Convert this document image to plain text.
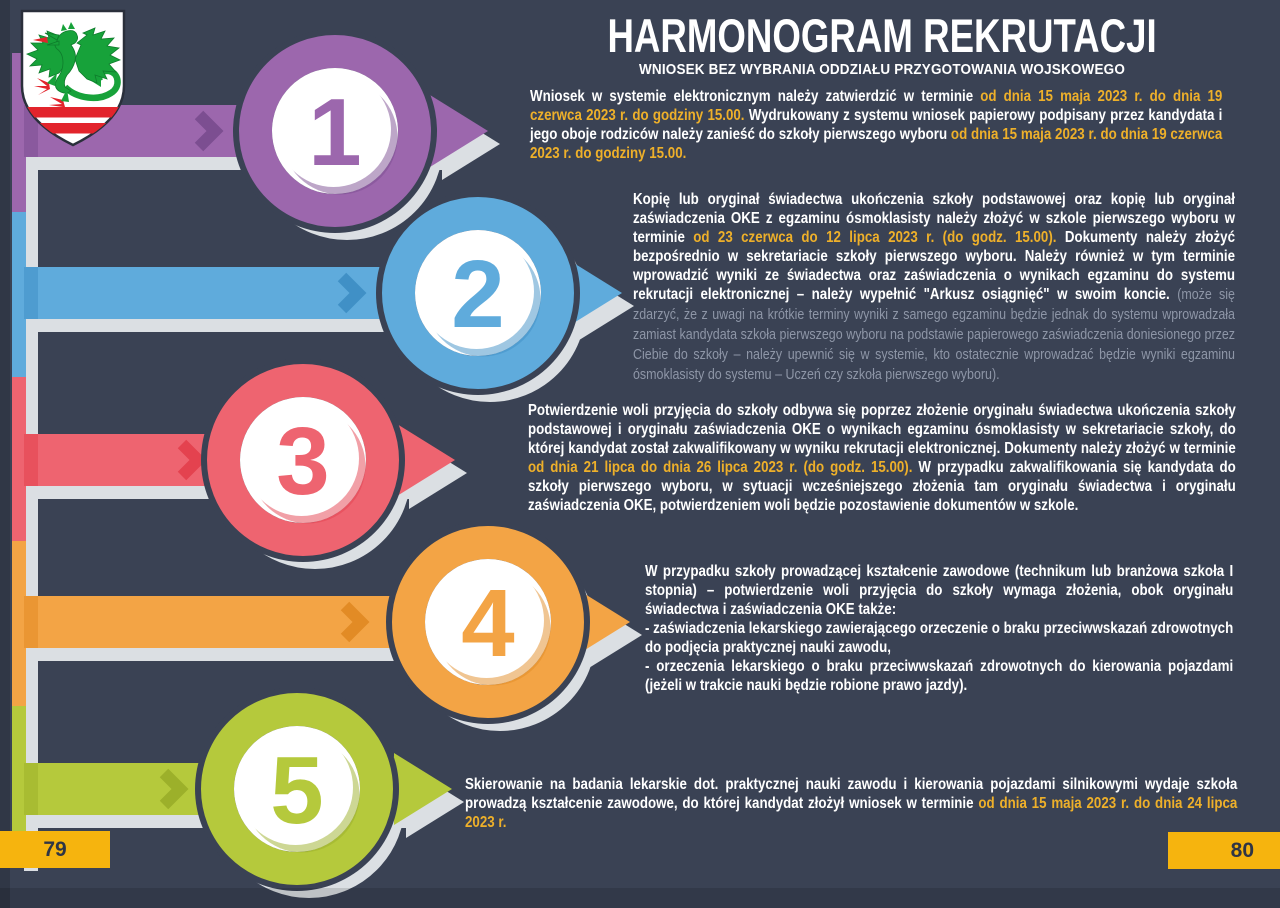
1
2
3
4
5
HARMONOGRAM REKRUTACJI
WNIOSEK BEZ WYBRANIA ODDZIAŁU PRZYGOTOWANIA WOJSKOWEGO
Wniosek w systemie elektronicznym należy zatwierdzić w terminie od dnia 15 maja 2023 r. do dnia 19 czerwca 2023 r. do godziny 15.00. Wydrukowany z systemu wniosek papierowy podpisany przez kandydata i jego oboje rodziców należy zanieść do szkoły pierwszego wyboru od dnia 15 maja 2023 r. do dnia 19 czerwca 2023 r. do godziny 15.00.
Kopię lub oryginał świadectwa ukończenia szkoły podstawowej oraz kopię lub oryginał zaświadczenia OKE z egzaminu ósmoklasisty należy złożyć w szkole pierwszego wyboru w terminie od 23 czerwca do 12 lipca 2023 r. (do godz. 15.00). Dokumenty należy złożyć bezpośrednio w sekretariacie szkoły pierwszego wyboru. Należy również w tym terminie wprowadzić wyniki ze świadectwa oraz zaświadczenia o wynikach egzaminu do systemu rekrutacji elektronicznej – należy wypełnić "Arkusz osiągnięć" w swoim koncie. (może się zdarzyć, że z uwagi na krótkie terminy wyniki z samego egzaminu będzie jednak do systemu wprowadzała zamiast kandydata szkoła pierwszego wyboru na podstawie papierowego zaświadczenia doniesionego przez Ciebie do szkoły – należy upewnić się w systemie, kto ostatecznie wprowadzać będzie wyniki egzaminu ósmoklasisty do systemu – Uczeń czy szkoła pierwszego wyboru).
Potwierdzenie woli przyjęcia do szkoły odbywa się poprzez złożenie oryginału świadectwa ukończenia szkoły podstawowej i oryginału zaświadczenia OKE o wynikach egzaminu ósmoklasisty w sekretariacie szkoły, do której kandydat został zakwalifikowany w wyniku rekrutacji elektronicznej. Dokumenty należy złożyć w terminie od dnia 21 lipca do dnia 26 lipca 2023 r. (do godz. 15.00). W przypadku zakwalifikowania się kandydata do szkoły pierwszego wyboru, w sytuacji wcześniejszego złożenia tam oryginału świadectwa i oryginału zaświadczenia OKE, potwierdzeniem woli będzie pozostawienie dokumentów w szkole.
W przypadku szkoły prowadzącej kształcenie zawodowe (technikum lub branżowa szkoła I stopnia) – potwierdzenie woli przyjęcia do szkoły wymaga złożenia, obok oryginału świadectwa i zaświadczenia OKE także:
- zaświadczenia lekarskiego zawierającego orzeczenie o braku przeciwwskazań zdrowotnych do podjęcia praktycznej nauki zawodu,
- orzeczenia lekarskiego o braku przeciwwskazań zdrowotnych do kierowania pojazdami (jeżeli w trakcie nauki będzie robione prawo jazdy).
Skierowanie na badania lekarskie dot. praktycznej nauki zawodu i kierowania pojazdami silnikowymi wydaje szkoła prowadzą kształcenie zawodowe, do której kandydat złożył wniosek w terminie od dnia 15 maja 2023 r. do dnia 24 lipca 2023 r.
79	80
